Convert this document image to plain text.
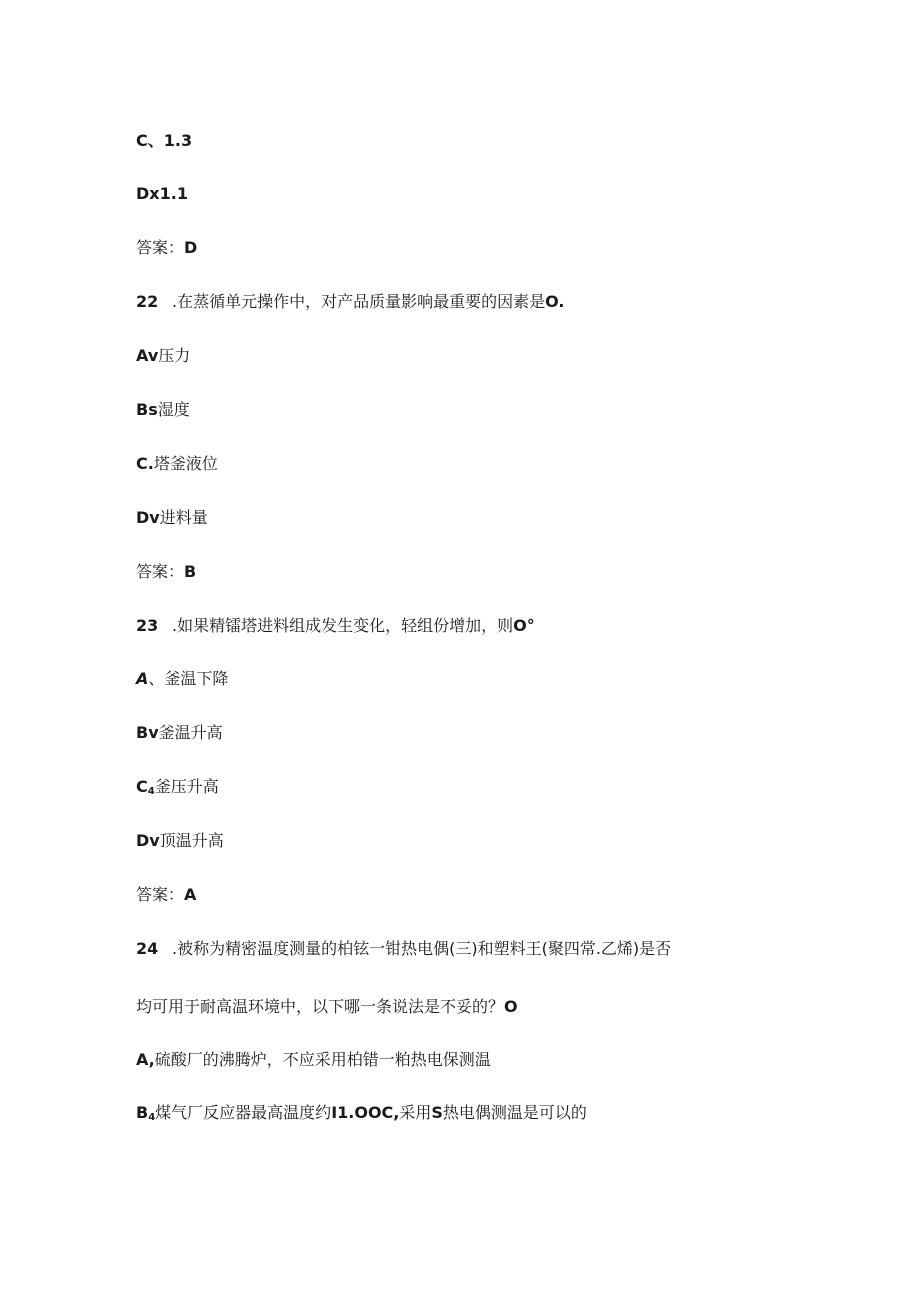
C、1.3
Dx1.1
答案：D
22 .在蒸循单元操作中，对产品质量影响最重要的因素是O.
Av压力
Bs湿度
C.塔釜液位
Dv进料量
答案：B
23 .如果精镭塔进料组成发生变化，轻组份增加，则O°
A、釜温下降
Bv釜温升高
$C_4$釜压升高
Dv顶温升高
答案：A
24 .被称为精密温度测量的柏铉一钳热电偶(三)和塑料王(聚四常.乙烯)是否
均可用于耐高温环境中，以下哪一条说法是不妥的？O
A,硫酸厂的沸腾炉，不应采用柏错一粕热电保测温
$B_4$煤气厂反应器最高温度约I1.OOC,采用S热电偶测温是可以的
